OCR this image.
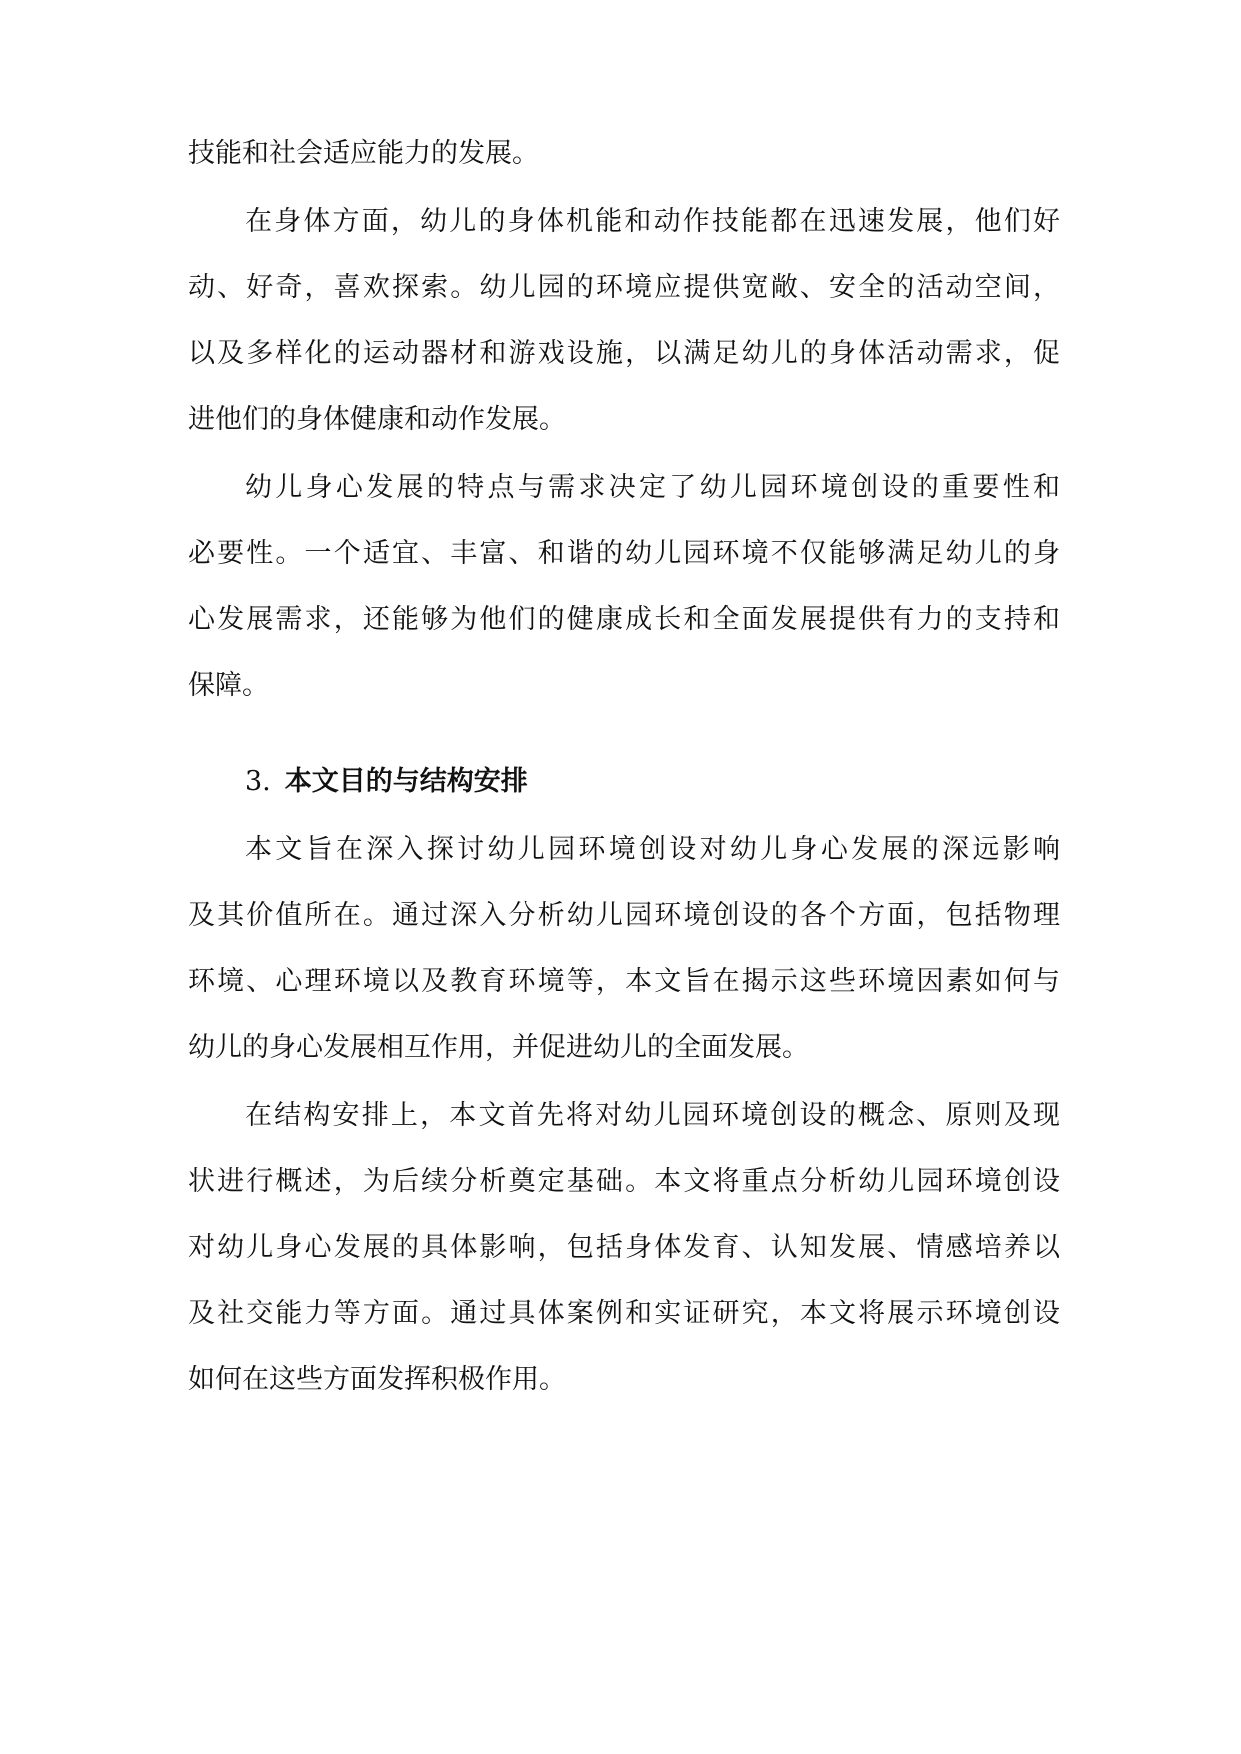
技能和社会适应能力的发展。
在身体方面，幼儿的身体机能和动作技能都在迅速发展，他们好
动、好奇，喜欢探索。幼儿园的环境应提供宽敞、安全的活动空间，
以及多样化的运动器材和游戏设施，以满足幼儿的身体活动需求，促
进他们的身体健康和动作发展。
幼儿身心发展的特点与需求决定了幼儿园环境创设的重要性和
必要性。一个适宜、丰富、和谐的幼儿园环境不仅能够满足幼儿的身
心发展需求，还能够为他们的健康成长和全面发展提供有力的支持和
保障。
3. 本文目的与结构安排
本文旨在深入探讨幼儿园环境创设对幼儿身心发展的深远影响
及其价值所在。通过深入分析幼儿园环境创设的各个方面，包括物理
环境、心理环境以及教育环境等，本文旨在揭示这些环境因素如何与
幼儿的身心发展相互作用，并促进幼儿的全面发展。
在结构安排上，本文首先将对幼儿园环境创设的概念、原则及现
状进行概述，为后续分析奠定基础。本文将重点分析幼儿园环境创设
对幼儿身心发展的具体影响，包括身体发育、认知发展、情感培养以
及社交能力等方面。通过具体案例和实证研究，本文将展示环境创设
如何在这些方面发挥积极作用。
